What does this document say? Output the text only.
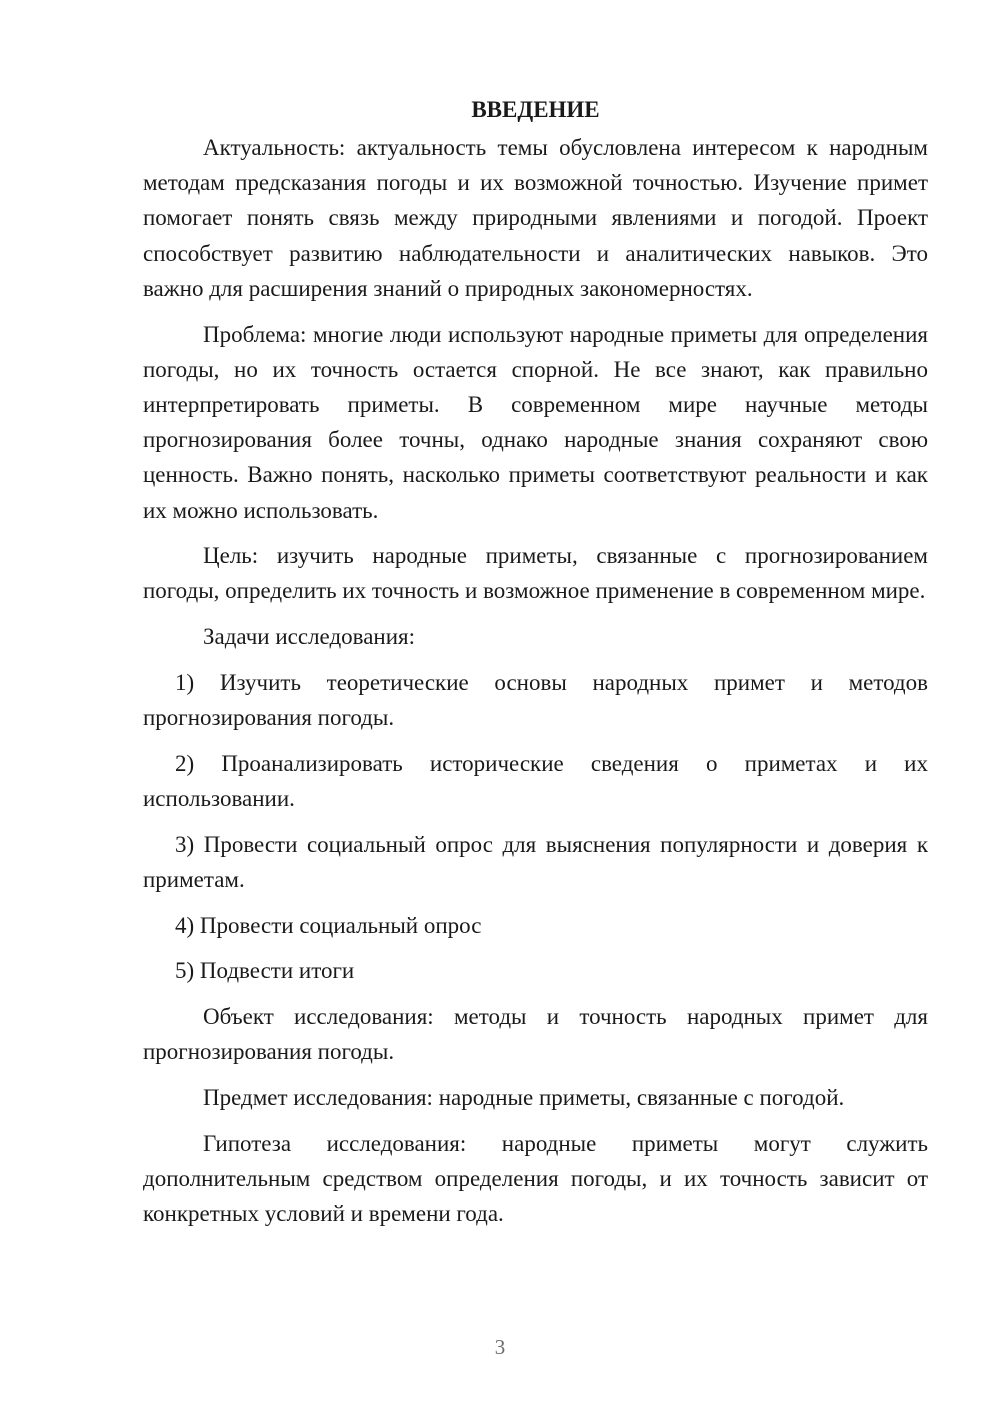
ВВЕДЕНИЕ

Актуальность: актуальность темы обусловлена интересом к народным методам предсказания погоды и их возможной точностью. Изучение примет помогает понять связь между природными явлениями и погодой. Проект способствует развитию наблюдательности и аналитических навыков. Это важно для расширения знаний о природных закономерностях.

Проблема: многие люди используют народные приметы для определения погоды, но их точность остается спорной. Не все знают, как правильно интерпретировать приметы. В современном мире научные методы прогнозирования более точны, однако народные знания сохраняют свою ценность. Важно понять, насколько приметы соответствуют реальности и как их можно использовать.

Цель: изучить народные приметы, связанные с прогнозированием погоды, определить их точность и возможное применение в современном мире.

Задачи исследования:

1) Изучить теоретические основы народных примет и методов прогнозирования погоды.

2) Проанализировать исторические сведения о приметах и их использовании.

3) Провести социальный опрос для выяснения популярности и доверия к приметам.

4) Провести социальный опрос

5) Подвести итоги

Объект исследования: методы и точность народных примет для прогнозирования погоды.

Предмет исследования: народные приметы, связанные с погодой.

Гипотеза исследования: народные приметы могут служить дополнительным средством определения погоды, и их точность зависит от конкретных условий и времени года.

3
